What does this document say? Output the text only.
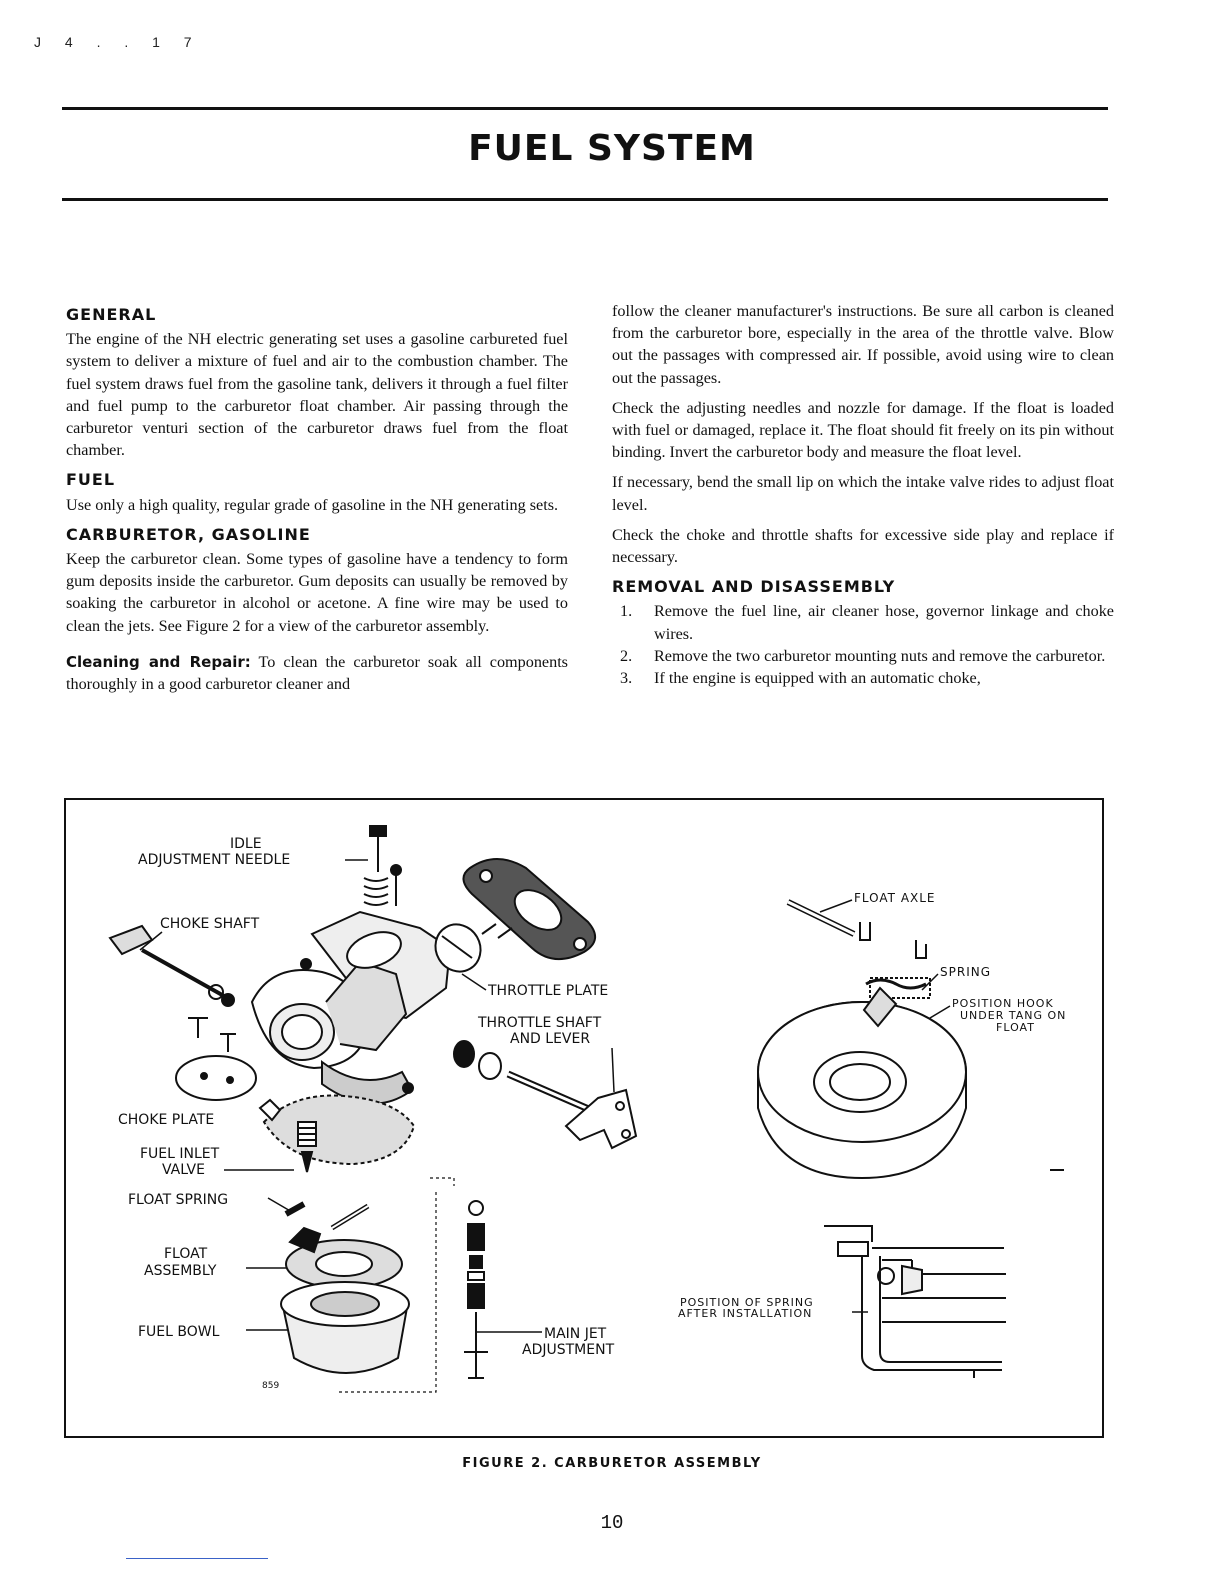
J 4 . . 1 7
FUEL SYSTEM
GENERAL

The engine of the NH electric generating set uses a gasoline carbureted fuel system to deliver a mixture of fuel and air to the combustion chamber. The fuel system draws fuel from the gasoline tank, delivers it through a fuel filter and fuel pump to the carburetor float chamber. Air passing through the carburetor venturi section of the carburetor draws fuel from the float chamber.

FUEL

Use only a high quality, regular grade of gasoline in the NH generating sets.

CARBURETOR, GASOLINE

Keep the carburetor clean. Some types of gasoline have a tendency to form gum deposits inside the carburetor. Gum deposits can usually be removed by soaking the carburetor in alcohol or acetone. A fine wire may be used to clean the jets. See Figure 2 for a view of the carburetor assembly.

Cleaning and Repair: To clean the carburetor soak all components thoroughly in a good carburetor cleaner and

follow the cleaner manufacturer's instructions. Be sure all carbon is cleaned from the carburetor bore, especially in the area of the throttle valve. Blow out the passages with compressed air. If possible, avoid using wire to clean out the passages.

Check the adjusting needles and nozzle for damage. If the float is loaded with fuel or damaged, replace it. The float should fit freely on its pin without binding. Invert the carburetor body and measure the float level.

If necessary, bend the small lip on which the intake valve rides to adjust float level.

Check the choke and throttle shafts for excessive side play and replace if necessary.

REMOVAL AND DISASSEMBLY
1. Remove the fuel line, air cleaner hose, governor linkage and choke wires.
2. Remove the two carburetor mounting nuts and remove the carburetor.
3. If the engine is equipped with an automatic choke,
IDLE
ADJUSTMENT NEEDLE
CHOKE SHAFT
THROTTLE PLATE
THROTTLE SHAFT
AND LEVER
CHOKE PLATE
FUEL INLET
VALVE
FLOAT SPRING
FLOAT
ASSEMBLY
FUEL BOWL
859
MAIN JET
ADJUSTMENT
FLOAT AXLE
SPRING
POSITION HOOK
UNDER TANG ON
FLOAT
POSITION OF SPRING
AFTER INSTALLATION
FIGURE 2. CARBURETOR ASSEMBLY
10
